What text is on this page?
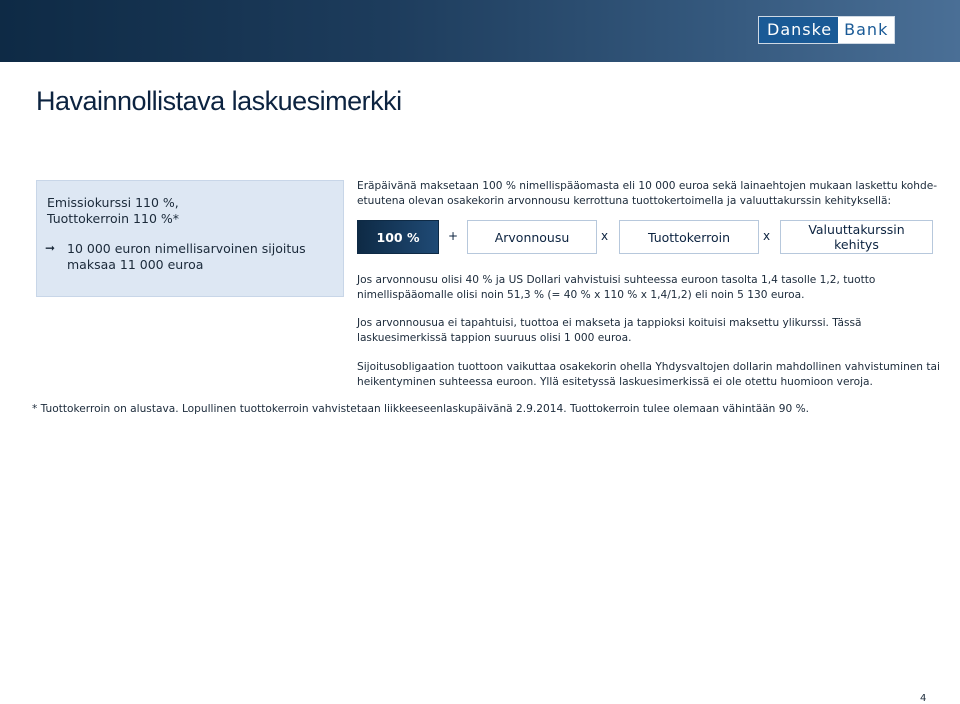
Danske Bank
Havainnollistava laskuesimerkki
Emissiokurssi 110 %,
Tuottokerroin 110 %*
➞ 10 000 euron nimellisarvoinen sijoitus
maksaa 11 000 euroa
Eräpäivänä maksetaan 100 % nimellispääomasta eli 10 000 euroa sekä lainaehtojen mukaan laskettu kohde-
etuutena olevan osakekorin arvonnousu kerrottuna tuottokertoimella ja valuuttakurssin kehityksellä:
100 % +	Arvonnousu	x	Tuottokerroin	x	Valuuttakurssin
kehitys
Jos arvonnousu olisi 40 % ja US Dollari vahvistuisi suhteessa euroon tasolta 1,4 tasolle 1,2, tuotto
nimellispääomalle olisi noin 51,3 % (= 40 % x 110 % x 1,4/1,2) eli noin 5 130 euroa.
Jos arvonnousua ei tapahtuisi, tuottoa ei makseta ja tappioksi koituisi maksettu ylikurssi. Tässä
laskuesimerkissä tappion suuruus olisi 1 000 euroa.
Sijoitusobligaation tuottoon vaikuttaa osakekorin ohella Yhdysvaltojen dollarin mahdollinen vahvistuminen tai
heikentyminen suhteessa euroon. Yllä esitetyssä laskuesimerkissä ei ole otettu huomioon veroja.
* Tuottokerroin on alustava. Lopullinen tuottokerroin vahvistetaan liikkeeseenlaskupäivänä 2.9.2014. Tuottokerroin tulee olemaan vähintään 90 %.
4
